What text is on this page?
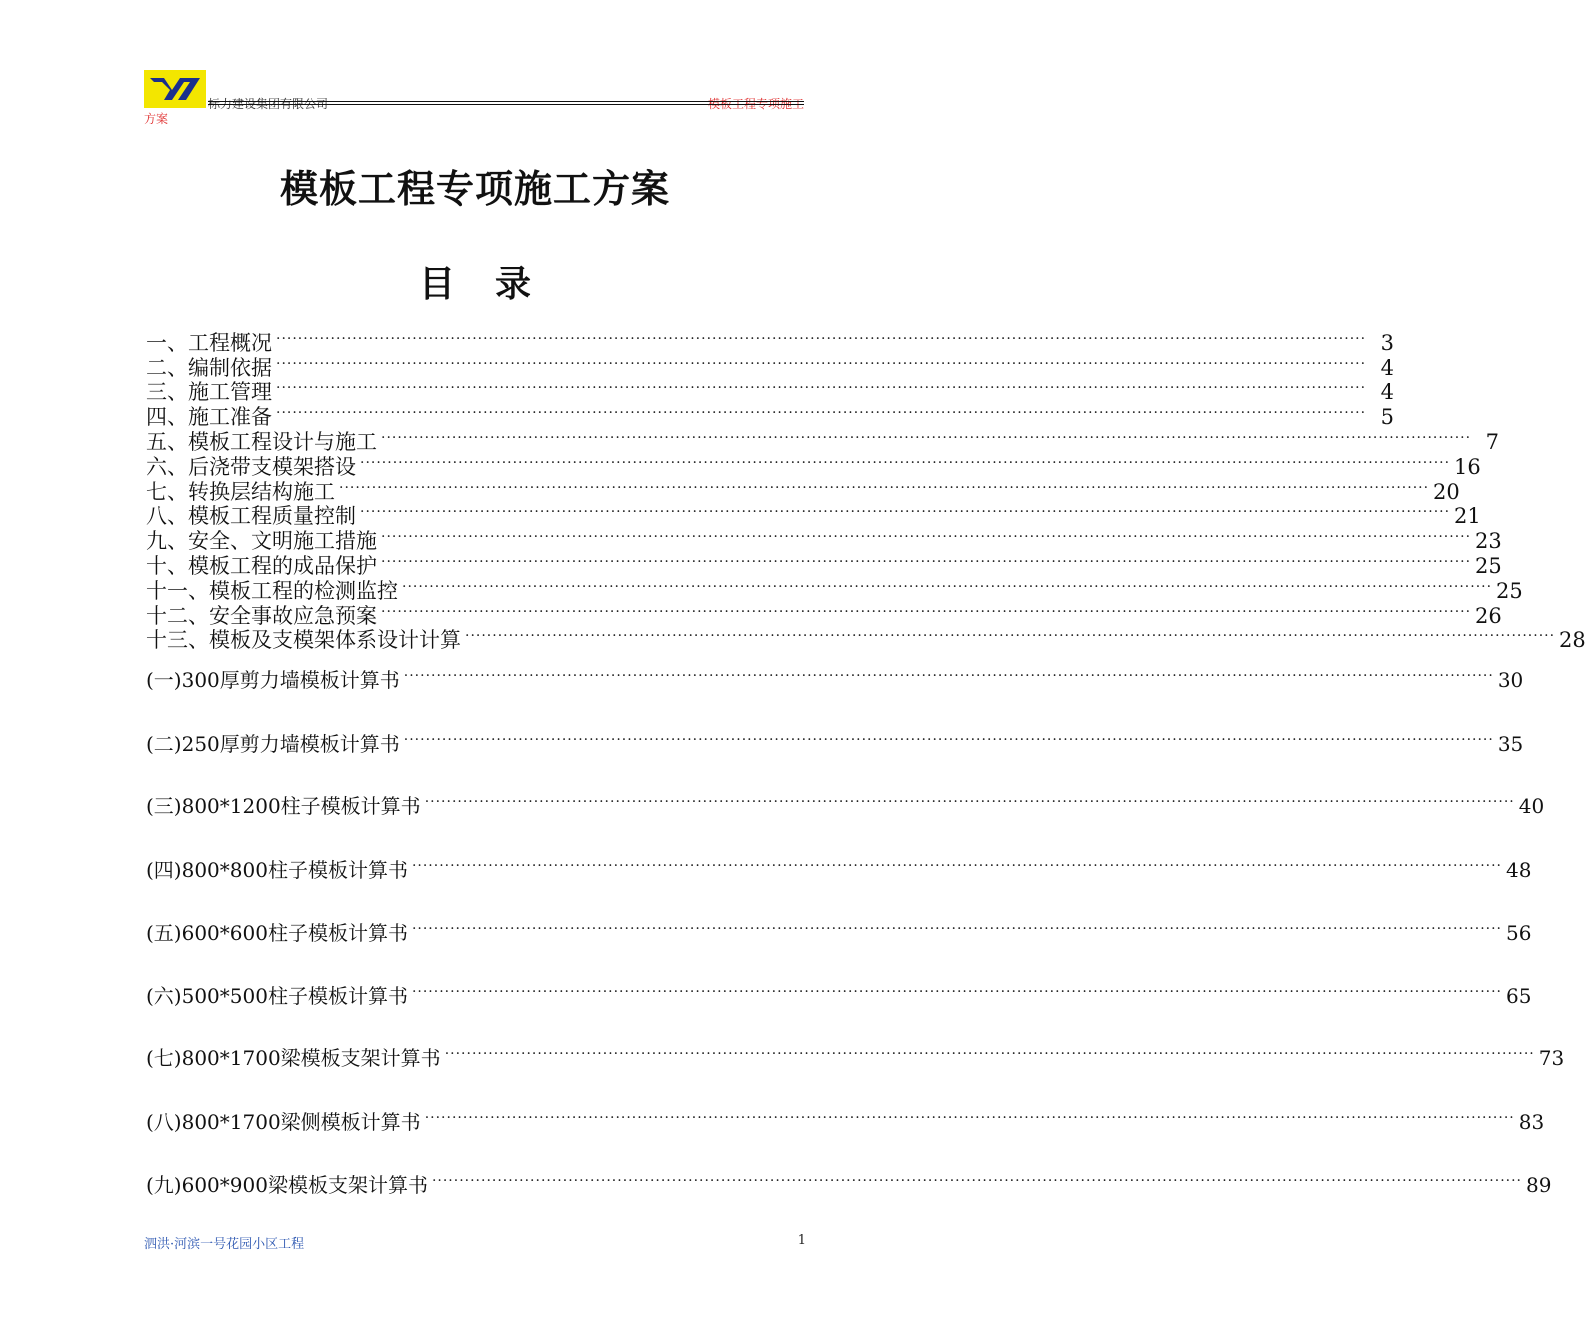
标力建设集团有限公司	模板工程专项施工
方案
模板工程专项施工方案
目 录
一、工程概况 ········································································································································································································ 3
二、编制依据 ········································································································································································································ 4
三、施工管理 ········································································································································································································ 4
四、施工准备 ········································································································································································································ 5
五、模板工程设计与施工 ········································································································································································································ 7
六、后浇带支模架搭设 ········································································································································································································ 16
七、转换层结构施工 ········································································································································································································ 20
八、模板工程质量控制 ········································································································································································································ 21
九、安全、文明施工措施 ········································································································································································································ 23
十、模板工程的成品保护 ········································································································································································································ 25
十一、模板工程的检测监控 ········································································································································································································ 25
十二、安全事故应急预案 ········································································································································································································ 26
十三、模板及支模架体系设计计算 ········································································································································································································ 28
(一)300厚剪力墙模板计算书 ········································································································································································································ 30
(二)250厚剪力墙模板计算书 ········································································································································································································ 35
(三)800*1200柱子模板计算书 ········································································································································································································ 40
(四)800*800柱子模板计算书 ········································································································································································································ 48
(五)600*600柱子模板计算书 ········································································································································································································ 56
(六)500*500柱子模板计算书 ········································································································································································································ 65
(七)800*1700梁模板支架计算书 ········································································································································································································ 73
(八)800*1700梁侧模板计算书 ········································································································································································································ 83
(九)600*900梁模板支架计算书 ········································································································································································································ 89
泗洪·河滨一号花园小区工程	1
